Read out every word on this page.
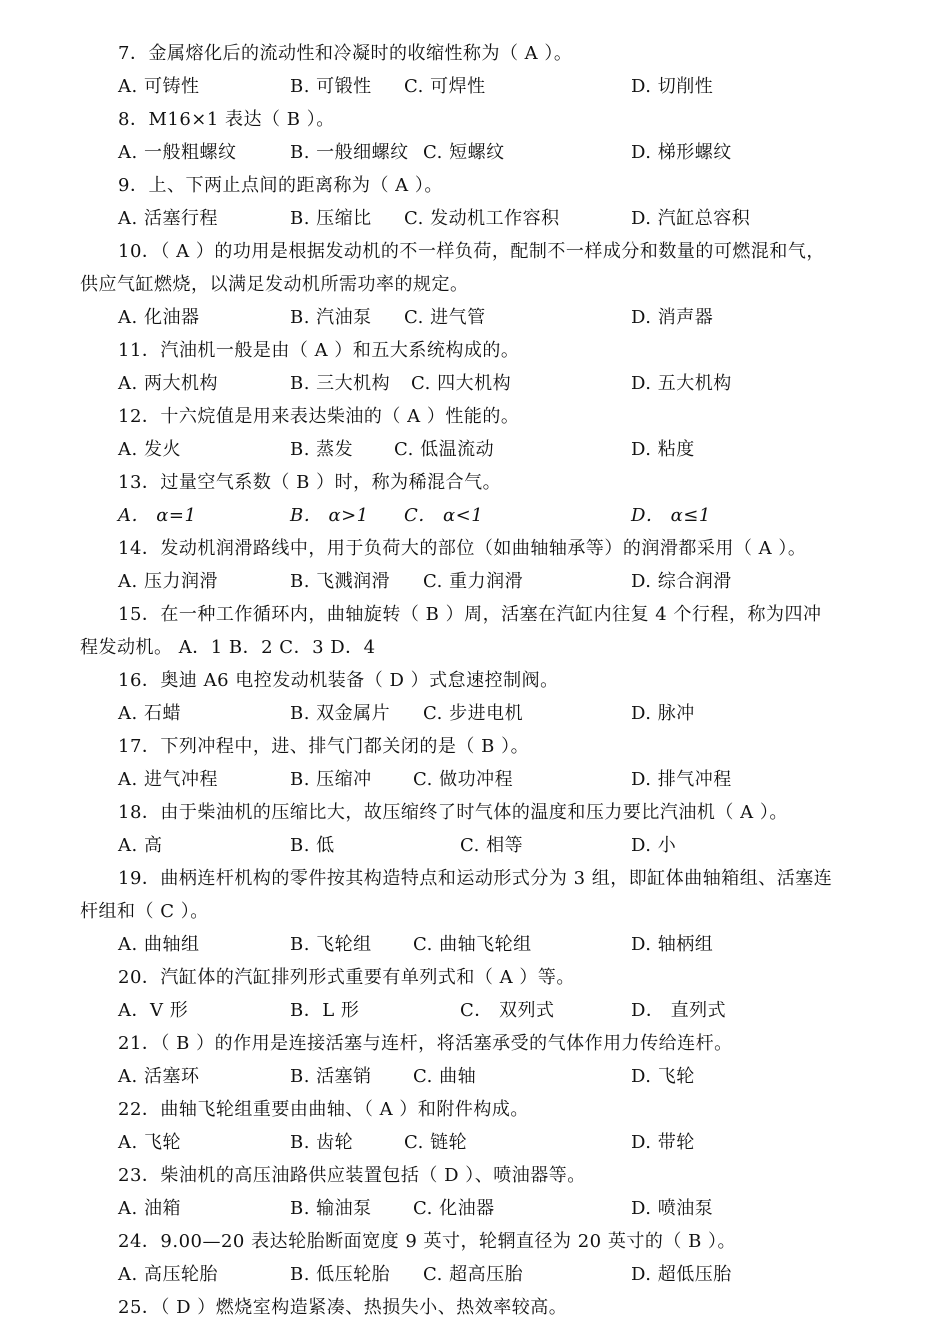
7．金属熔化后的流动性和冷凝时的收缩性称为（ A ）。
A. 可铸性	B. 可锻性 C. 可焊性	D. 切削性
8．M16×1 表达（ B ）。
A. 一般粗螺纹	B. 一般细螺纹 C. 短螺纹	D. 梯形螺纹
9．上、下两止点间的距离称为（ A ）。
A. 活塞行程	B. 压缩比 C. 发动机工作容积	D. 汽缸总容积
10．（ A ）的功用是根据发动机的不一样负荷，配制不一样成分和数量的可燃混和气，
供应气缸燃烧，以满足发动机所需功率的规定。
A. 化油器	B. 汽油泵 C. 进气管	D. 消声器
11．汽油机一般是由（ A ）和五大系统构成的。
A. 两大机构	B. 三大机构 C. 四大机构	D. 五大机构
12．十六烷值是用来表达柴油的（ A ）性能的。
A. 发火	B. 蒸发 C. 低温流动	D. 粘度
13．过量空气系数（ B ）时，称为稀混合气。
A． α=1	B． α>1 C． α<1	D． α≤1
14．发动机润滑路线中，用于负荷大的部位（如曲轴轴承等）的润滑都采用（ A ）。
A. 压力润滑	B. 飞溅润滑 C. 重力润滑	D. 综合润滑
15．在一种工作循环内，曲轴旋转（ B ）周，活塞在汽缸内往复 4 个行程，称为四冲
程发动机。 A．1 B．2 C．3 D．4
16．奥迪 A6 电控发动机装备（ D ）式怠速控制阀。
A. 石蜡	B. 双金属片 C. 步进电机	D. 脉冲
17．下列冲程中，进、排气门都关闭的是（ B ）。
A. 进气冲程	B. 压缩冲 C. 做功冲程	D. 排气冲程
18．由于柴油机的压缩比大，故压缩终了时气体的温度和压力要比汽油机（ A ）。
A. 高	B. 低	C. 相等	D. 小
19．曲柄连杆机构的零件按其构造特点和运动形式分为 3 组，即缸体曲轴箱组、活塞连
杆组和（ C ）。
A. 曲轴组	B. 飞轮组 C. 曲轴飞轮组	D. 轴柄组
20．汽缸体的汽缸排列形式重要有单列式和（ A ）等。
A．V 形	B．L 形	C． 双列式	D． 直列式
21．（ B ）的作用是连接活塞与连杆，将活塞承受的气体作用力传给连杆。
A. 活塞环	B. 活塞销 C. 曲轴	D. 飞轮
22．曲轴飞轮组重要由曲轴、（ A ）和附件构成。
A. 飞轮	B. 齿轮	C. 链轮	D. 带轮
23．柴油机的高压油路供应装置包括（ D ）、喷油器等。
A. 油箱	B. 输油泵 C. 化油器	D. 喷油泵
24．9.00—20 表达轮胎断面宽度 9 英寸，轮辋直径为 20 英寸的（ B ）。
A. 高压轮胎	B. 低压轮胎 C. 超高压胎	D. 超低压胎
25．（ D ）燃烧室构造紧凑、热损失小、热效率较高。
